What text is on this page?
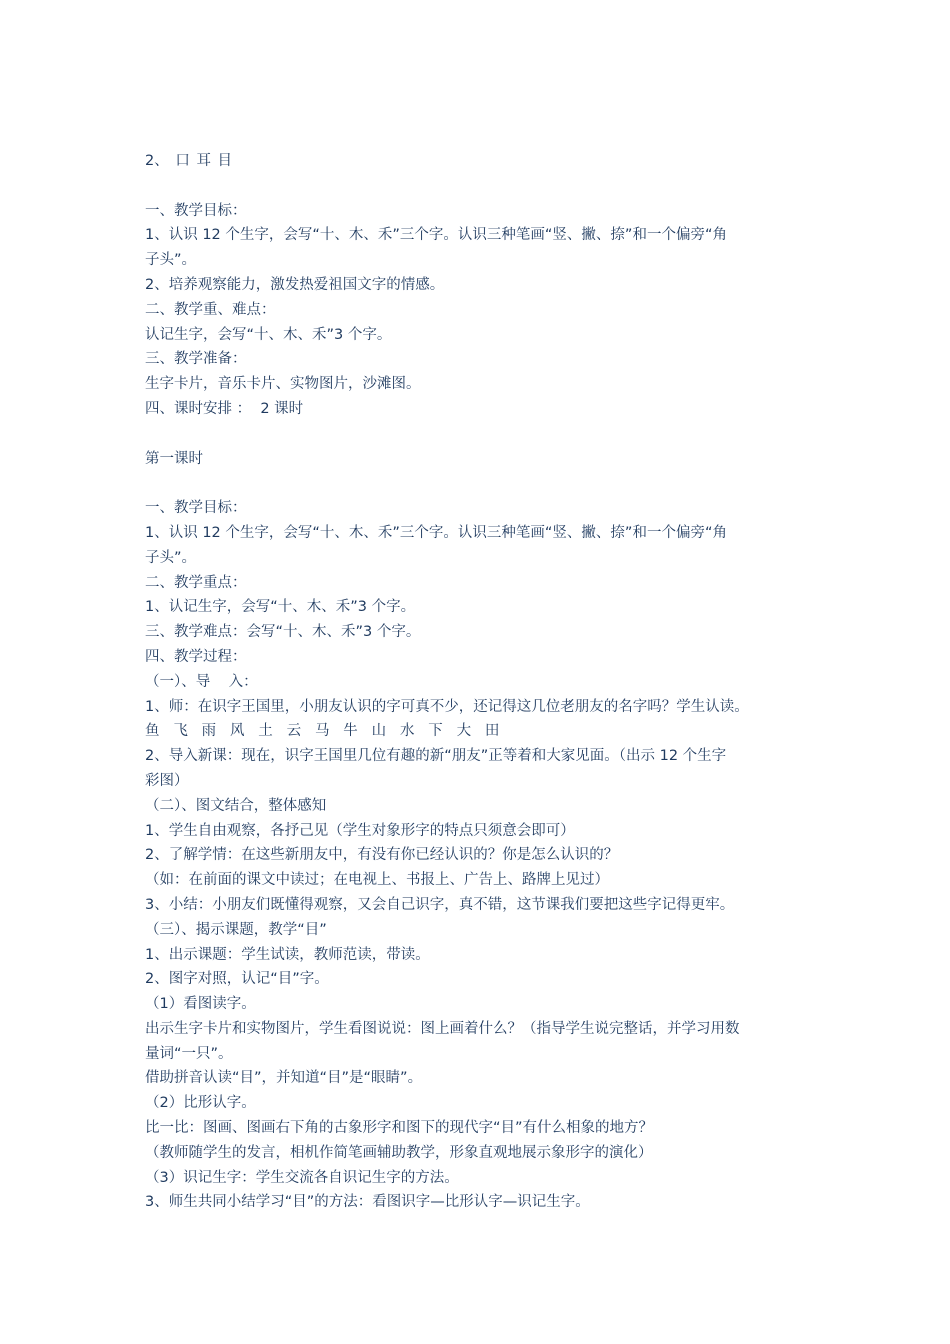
2、 口 耳 目

一、教学目标：

1、认识 12 个生字，会写“十、木、禾”三个字。认识三种笔画“竖、撇、捺”和一个偏旁“角

子头”。

2、培养观察能力，激发热爱祖国文字的情感。

二、教学重、难点：

认记生字，会写“十、木、禾”3 个字。

三、教学准备：

生字卡片，音乐卡片、实物图片，沙滩图。

四、课时安排 ：  2 课时

第一课时

一、教学目标：

1、认识 12 个生字，会写“十、木、禾”三个字。认识三种笔画“竖、撇、捺”和一个偏旁“角

子头”。

二、教学重点：

1、认记生字，会写“十、木、禾”3 个字。

三、教学难点：会写“十、木、禾”3 个字。

四、教学过程：

（一）、导    入：

1、师：在识字王国里，小朋友认识的字可真不少，还记得这几位老朋友的名字吗？学生认读。

鱼   飞   雨   风   土   云   马   牛   山   水   下   大   田

2、导入新课：现在，识字王国里几位有趣的新“朋友”正等着和大家见面。（出示 12 个生字

彩图）

（二）、图文结合，整体感知

1、学生自由观察，各抒己见（学生对象形字的特点只须意会即可）

2、了解学情：在这些新朋友中，有没有你已经认识的？你是怎么认识的？

（如：在前面的课文中读过；在电视上、书报上、广告上、路牌上见过）

3、小结：小朋友们既懂得观察，又会自己识字，真不错，这节课我们要把这些字记得更牢。

（三）、揭示课题，教学“目”

1、出示课题：学生试读，教师范读，带读。

2、图字对照，认记“目”字。

（1）看图读字。

出示生字卡片和实物图片，学生看图说说：图上画着什么？（指导学生说完整话，并学习用数

量词“一只”。

借助拼音认读“目”，并知道“目”是“眼睛”。

（2）比形认字。

比一比：图画、图画右下角的古象形字和图下的现代字“目”有什么相象的地方？

（教师随学生的发言，相机作简笔画辅助教学，形象直观地展示象形字的演化）

（3）识记生字：学生交流各自识记生字的方法。

3、师生共同小结学习“目”的方法：看图识字—比形认字—识记生字。
